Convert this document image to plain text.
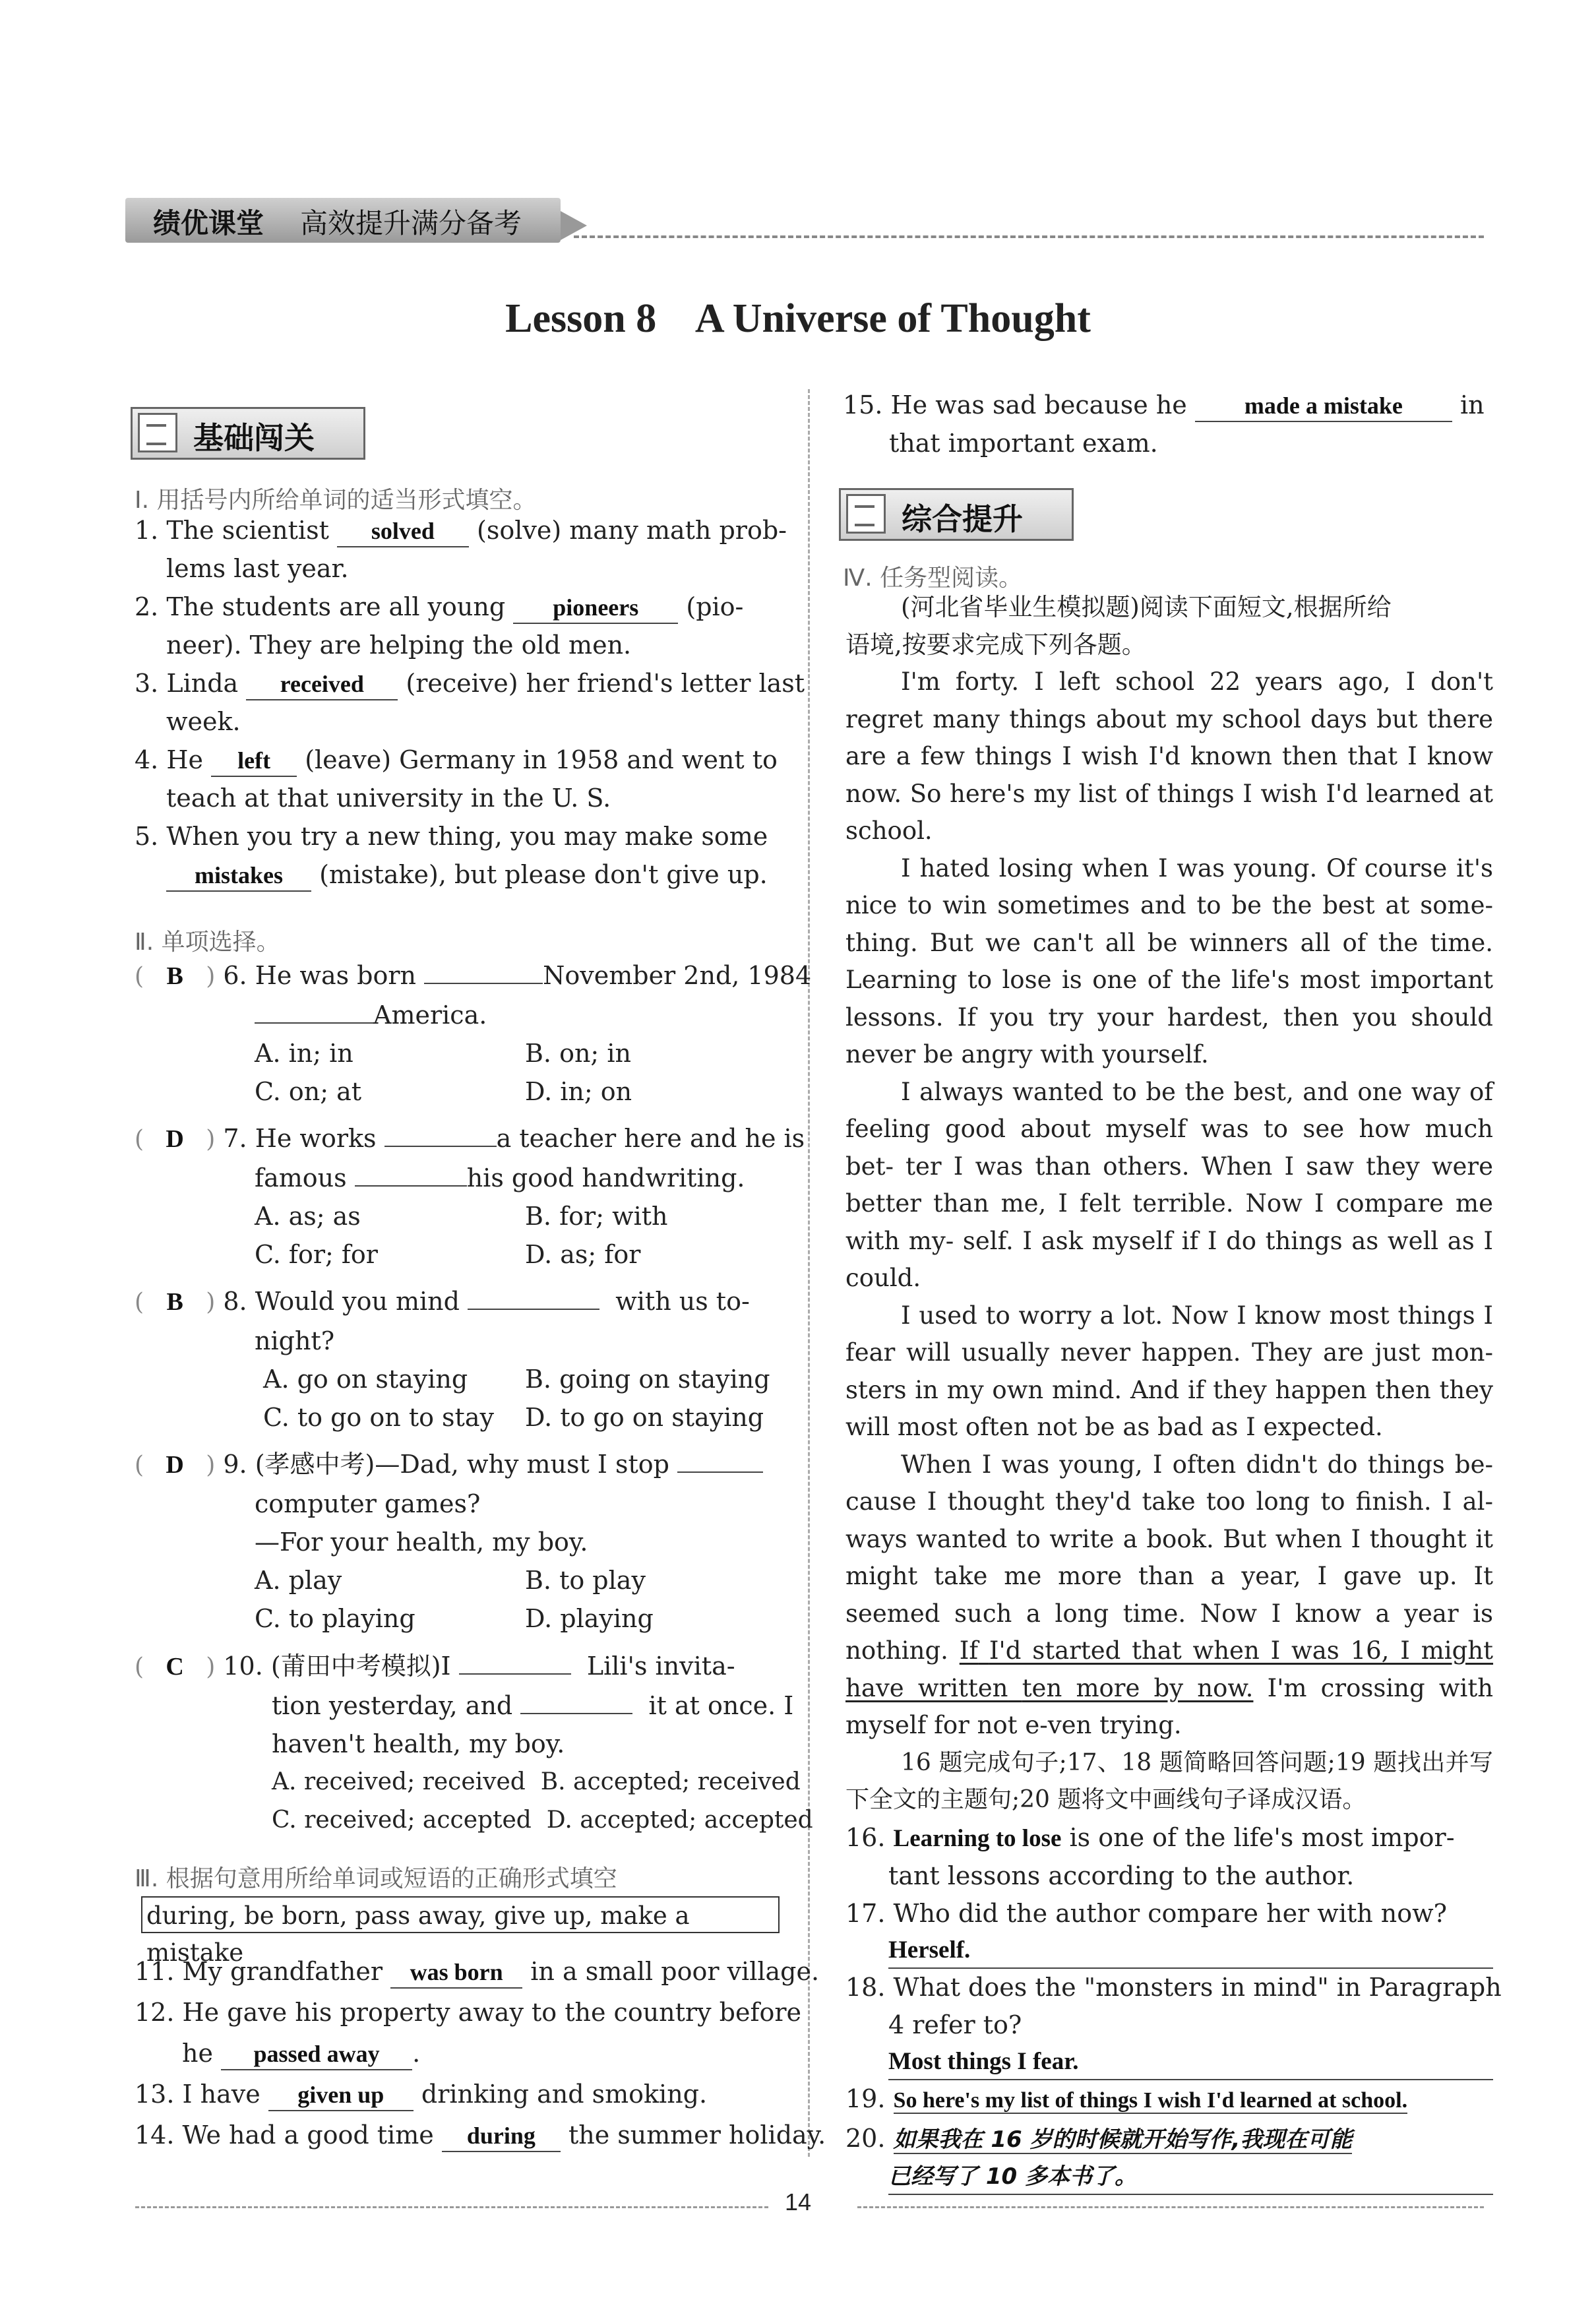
绩优课堂 高效提升满分备考
Lesson 8    A Universe of Thought
基础闯关
Ⅰ. 用括号内所给单词的适当形式填空。
1. The scientist solved (solve) many math prob-
lems last year.
2. The students are all young pioneers (pio-
neer). They are helping the old men.
3. Linda received (receive) her friend's letter last
week.
4. He left (leave) Germany in 1958 and went to
teach at that university in the U. S.
5. When you try a new thing, you may make some
mistakes (mistake), but please don't give up.
Ⅱ. 单项选择。
( B ) 6. He was born	November 2nd, 1984
America.
A. in; in	B. on; in
C. on; at	D. in; on
( D ) 7. He works	a teacher here and he is
famous	his good handwriting.
A. as; as	B. for; with
C. for; for	D. as; for
( B ) 8. Would you mind	with us to-
night?
A. go on staying B. going on staying
C. to go on to stay D. to go on staying
( D ) 9. (孝感中考)—Dad, why must I stop
computer games?
—For your health, my boy.
A. play	B. to play
C. to playing	D. playing
( C ) 10. (莆田中考模拟)I	Lili's invita-
tion yesterday, and	it at once. I
haven't health, my boy.
A. received; received  B. accepted; received
C. received; accepted  D. accepted; accepted
Ⅲ. 根据句意用所给单词或短语的正确形式填空
during, be born, pass away, give up, make a mistake
11. My grandfather was born in a small poor village.
12. He gave his property away to the country before
he passed away .
13. I have given up drinking and smoking.
14. We had a good time during the summer holiday.
15. He was sad because he made a mistake in
that important exam.
综合提升
Ⅳ. 任务型阅读。
(河北省毕业生模拟题)阅读下面短文,根据所给
语境,按要求完成下列各题。
I'm forty. I left school 22 years ago, I don't regret many things about my school days but there are a few things I wish I'd known then that I know now. So here's my list of things I wish I'd learned at school.
I hated losing when I was young. Of course it's nice to win sometimes and to be the best at some- thing. But we can't all be winners all of the time. Learning to lose is one of the life's most important lessons. If you try your hardest, then you should never be angry with yourself.
I always wanted to be the best, and one way of feeling good about myself was to see how much bet- ter I was than others. When I saw they were better than me, I felt terrible. Now I compare me with my- self. I ask myself if I do things as well as I could.
I used to worry a lot. Now I know most things I fear will usually never happen. They are just mon- sters in my own mind. And if they happen then they will most often not be as bad as I expected.
When I was young, I often didn't do things be- cause I thought they'd take too long to finish. I al- ways wanted to write a book. But when I thought it might take me more than a year, I gave up. It seemed such a long time. Now I know a year is nothing. If I'd started that when I was 16, I might have written ten more by now. I'm crossing with myself for not e-ven trying.
16 题完成句子;17、18 题简略回答问题;19 题找出并写下全文的主题句;20 题将文中画线句子译成汉语。
16. Learning to lose is one of the life's most impor-
tant lessons according to the author.
17. Who did the author compare her with now?
Herself.
18. What does the "monsters in mind" in Paragraph
4 refer to?
Most things I fear.
19. So here's my list of things I wish I'd learned at school.
20. 如果我在 16 岁的时候就开始写作,我现在可能
已经写了 10 多本书了。
14
